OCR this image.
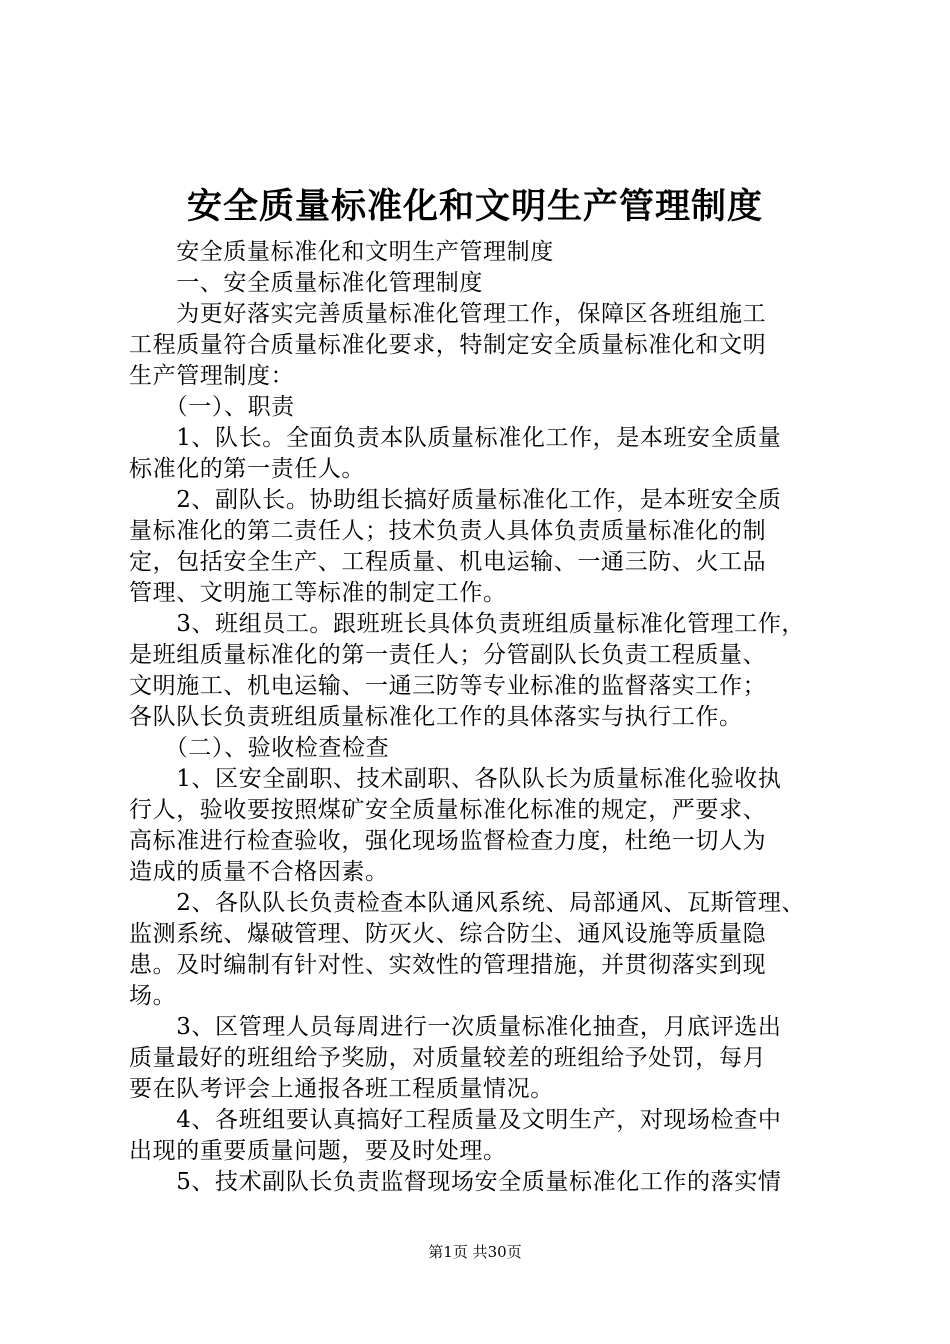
安全质量标准化和文明生产管理制度
　　安全质量标准化和文明生产管理制度
　　一、安全质量标准化管理制度
　　为更好落实完善质量标准化管理工作，保障区各班组施工
工程质量符合质量标准化要求，特制定安全质量标准化和文明
生产管理制度：
　　（一）、职责
　　1、队长。全面负责本队质量标准化工作，是本班安全质量
标准化的第一责任人。
　　2、副队长。协助组长搞好质量标准化工作，是本班安全质
量标准化的第二责任人；技术负责人具体负责质量标准化的制
定，包括安全生产、工程质量、机电运输、一通三防、火工品
管理、文明施工等标准的制定工作。
　　3、班组员工。跟班班长具体负责班组质量标准化管理工作，
是班组质量标准化的第一责任人；分管副队长负责工程质量、
文明施工、机电运输、一通三防等专业标准的监督落实工作；
各队队长负责班组质量标准化工作的具体落实与执行工作。
　　（二）、验收检查检查
　　1、区安全副职、技术副职、各队队长为质量标准化验收执
行人，验收要按照煤矿安全质量标准化标准的规定，严要求、
高标准进行检查验收，强化现场监督检查力度，杜绝一切人为
造成的质量不合格因素。
　　2、各队队长负责检查本队通风系统、局部通风、瓦斯管理、
监测系统、爆破管理、防灭火、综合防尘、通风设施等质量隐
患。及时编制有针对性、实效性的管理措施，并贯彻落实到现
场。
　　3、区管理人员每周进行一次质量标准化抽查，月底评选出
质量最好的班组给予奖励，对质量较差的班组给予处罚，每月
要在队考评会上通报各班工程质量情况。
　　4、各班组要认真搞好工程质量及文明生产，对现场检查中
出现的重要质量问题，要及时处理。
　　5、技术副队长负责监督现场安全质量标准化工作的落实情
第1页 共30页
